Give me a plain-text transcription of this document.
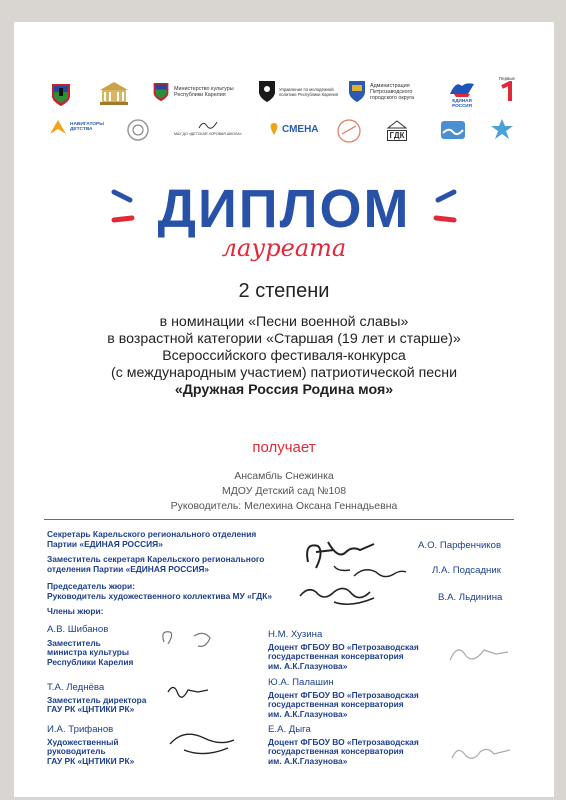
Министерство культуры
Республики Карелия
Управление по молодёжной политике Республики Карелия
Администрация
Петрозаводского
городского округа	ЕДИНАЯ
РОССИЯ
Первые
НАВИГАТОРЫ
ДЕТСТВА
МАУ ДО «ДЕТСКАЯ ХОРОВАЯ ШКОЛА»	СМЕНА
ГДК
ДИПЛОМ
лауреата
2 степени
в номинации «Песни военной славы»
в возрастной категории «Старшая (19 лет и старше)»
Всероссийского фестиваля-конкурса
(с международным участием) патриотической песни
«Дружная Россия Родина моя»
получает
Ансамбль Снежинка
МДОУ Детский сад №108
Руководитель: Мелехина Оксана Геннадьевна
Секретарь Карельского регионального отделения
Партии «ЕДИНАЯ РОССИЯ»	А.О. Парфенчиков
Заместитель секретаря Карельского регионального
отделения Партии «ЕДИНАЯ РОССИЯ»	Л.А. Подсадник
Председатель жюри:
Руководитель художественного коллектива МУ «ГДК»	В.А. Льдинина
Члены жюри:
А.В. Шибанов
Заместитель
министра культуры
Республики Карелия
Т.А. Леднёва
Заместитель директора
ГАУ РК «ЦНТИКИ РК»
И.А. Трифанов
Художественный
руководитель
ГАУ РК «ЦНТИКИ РК»
Н.М. Хузина
Доцент ФГБОУ ВО «Петрозаводская
государственная консерватория
им. А.К.Глазунова»
Ю.А. Палашин
Доцент ФГБОУ ВО «Петрозаводская
государственная консерватория
им. А.К.Глазунова»
Е.А. Дыга
Доцент ФГБОУ ВО «Петрозаводская
государственная консерватория
им. А.К.Глазунова»
